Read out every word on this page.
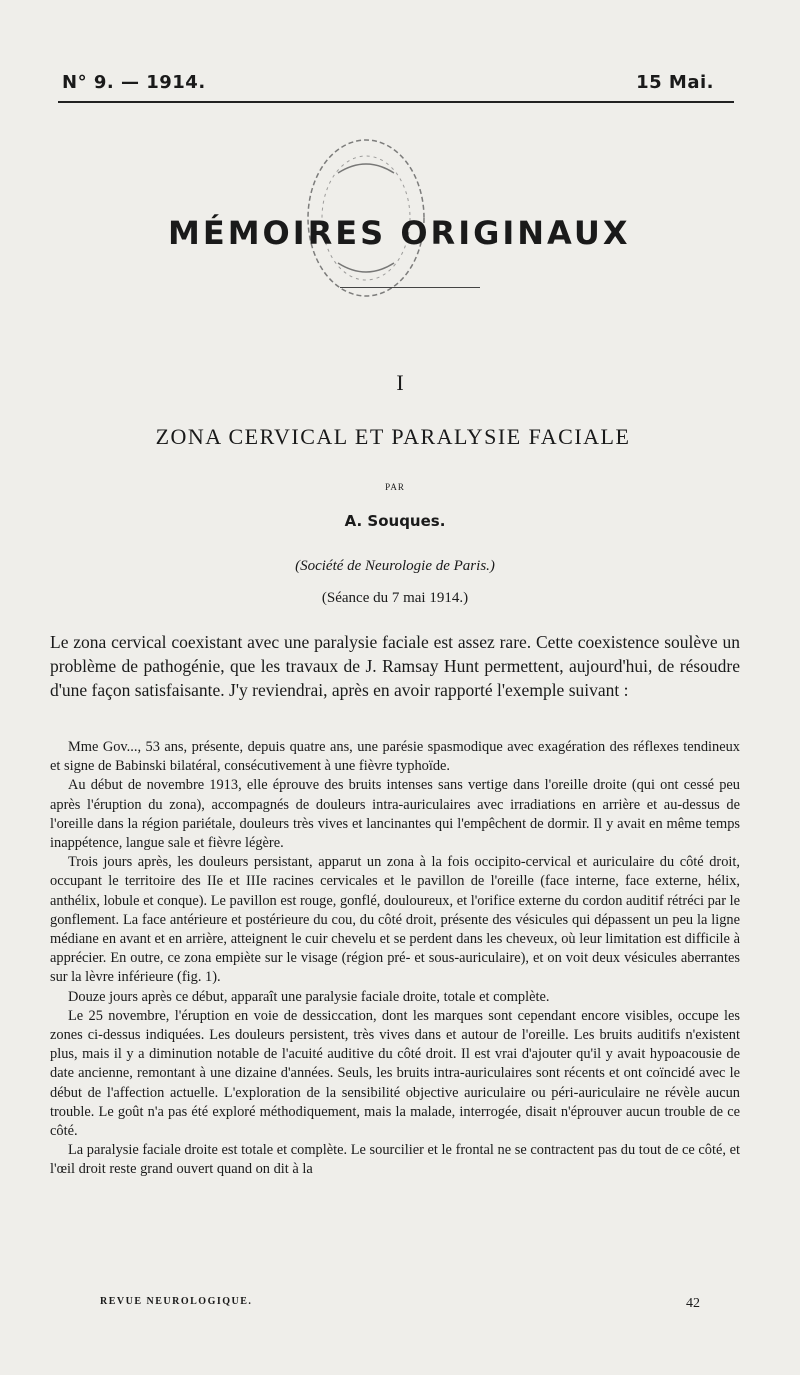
N° 9. — 1914.	15 Mai.
MÉMOIRES ORIGINAUX
I
ZONA CERVICAL ET PARALYSIE FACIALE
PAR
A. Souques.
(Société de Neurologie de Paris.)
(Séance du 7 mai 1914.)

Le zona cervical coexistant avec une paralysie faciale est assez rare. Cette coexistence soulève un problème de pathogénie, que les travaux de J. Ramsay Hunt permettent, aujourd'hui, de résoudre d'une façon satisfaisante. J'y reviendrai, après en avoir rapporté l'exemple suivant :

Mme Gov..., 53 ans, présente, depuis quatre ans, une parésie spasmodique avec exagération des réflexes tendineux et signe de Babinski bilatéral, consécutivement à une fièvre typhoïde.

Au début de novembre 1913, elle éprouve des bruits intenses sans vertige dans l'oreille droite (qui ont cessé peu après l'éruption du zona), accompagnés de douleurs intra-auriculaires avec irradiations en arrière et au-dessus de l'oreille dans la région pariétale, douleurs très vives et lancinantes qui l'empêchent de dormir. Il y avait en même temps inappétence, langue sale et fièvre légère.

Trois jours après, les douleurs persistant, apparut un zona à la fois occipito-cervical et auriculaire du côté droit, occupant le territoire des IIe et IIIe racines cervicales et le pavillon de l'oreille (face interne, face externe, hélix, anthélix, lobule et conque). Le pavillon est rouge, gonflé, douloureux, et l'orifice externe du cordon auditif rétréci par le gonflement. La face antérieure et postérieure du cou, du côté droit, présente des vésicules qui dépassent un peu la ligne médiane en avant et en arrière, atteignent le cuir chevelu et se perdent dans les cheveux, où leur limitation est difficile à apprécier. En outre, ce zona empiète sur le visage (région pré- et sous-auriculaire), et on voit deux vésicules aberrantes sur la lèvre inférieure (fig. 1).

Douze jours après ce début, apparaît une paralysie faciale droite, totale et complète.

Le 25 novembre, l'éruption en voie de dessiccation, dont les marques sont cependant encore visibles, occupe les zones ci-dessus indiquées. Les douleurs persistent, très vives dans et autour de l'oreille. Les bruits auditifs n'existent plus, mais il y a diminution notable de l'acuité auditive du côté droit. Il est vrai d'ajouter qu'il y avait hypoacousie de date ancienne, remontant à une dizaine d'années. Seuls, les bruits intra-auriculaires sont récents et ont coïncidé avec le début de l'affection actuelle. L'exploration de la sensibilité objective auriculaire ou péri-auriculaire ne révèle aucun trouble. Le goût n'a pas été exploré méthodiquement, mais la malade, interrogée, disait n'éprouver aucun trouble de ce côté.

La paralysie faciale droite est totale et complète. Le sourcilier et le frontal ne se contractent pas du tout de ce côté, et l'œil droit reste grand ouvert quand on dit à la

REVUE NEUROLOGIQUE.	42
